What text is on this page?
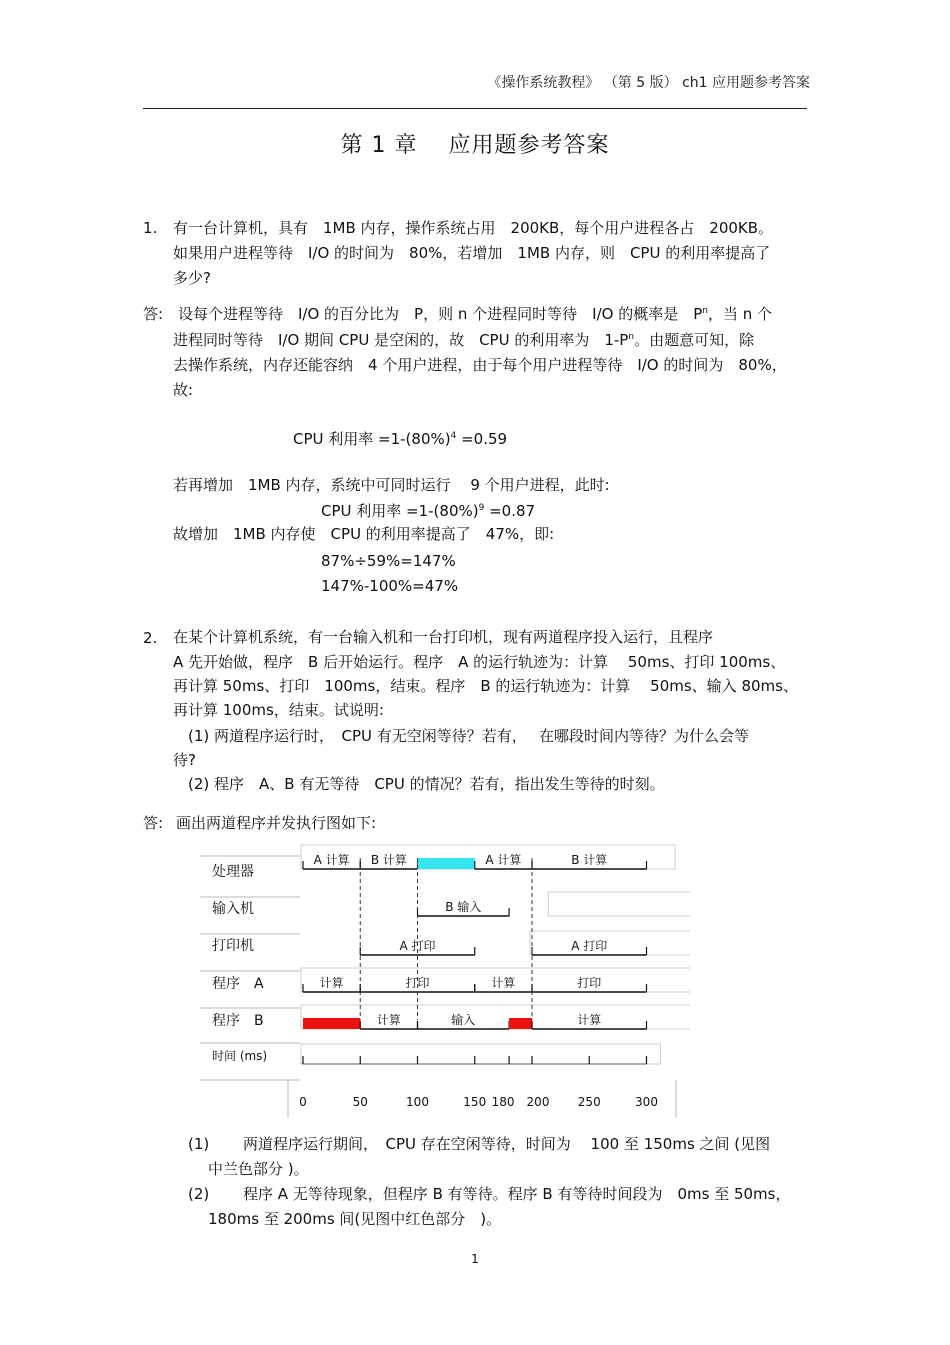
《操作系统教程》 （第 5 版） ch1 应用题参考答案
第 1 章　 应用题参考答案
1. 有一台计算机，具有　1MB 内存，操作系统占用　200KB，每个用户进程各占　200KB。
如果用户进程等待　I/O 的时间为　80%，若增加　1MB 内存，则　CPU 的利用率提高了
多少?
答: 设每个进程等待　I/O 的百分比为　P，则 n 个进程同时等待　I/O 的概率是　$P^n$，当 n 个
进程同时等待　I/O 期间 CPU 是空闲的，故　CPU 的利用率为　$1-P^n$。由题意可知，除
去操作系统，内存还能容纳　4 个用户进程，由于每个用户进程等待　I/O 的时间为　80%，
故:
CPU 利用率 $=1-(80\%)^4 =0.59$
若再增加　1MB 内存，系统中可同时运行　 9 个用户进程，此时:
CPU 利用率 $=1-(80\%)^9 =0.87$
故增加　1MB 内存使　CPU 的利用率提高了　47%，即:
87%÷59%=147%
147%-100%=47%
2. 在某个计算机系统，有一台输入机和一台打印机，现有两道程序投入运行，且程序
A 先开始做，程序　B 后开始运行。程序　A 的运行轨迹为：计算　 50ms、打印 100ms、
再计算 50ms、打印　100ms，结束。程序　B 的运行轨迹为：计算　 50ms、输入 80ms、
再计算 100ms，结束。试说明:
(1) 两道程序运行时，　CPU 有无空闲等待？若有，　 在哪段时间内等待？为什么会等
待?
(2) 程序　A、B 有无等待　CPU 的情况？若有，指出发生等待的时刻。
答: 画出两道程序并发执行图如下:
处理器
输入机
打印机
程序　A
程序　B
时间 (ms)
A 计算 B 计算	A 计算	B 计算
B 输入
A 打印	A 打印
计算	打印	计算	打印
计算	输入	计算
0	50	100	150 180 200 250	300
(1) 两道程序运行期间，　CPU 存在空闲等待，时间为　 100 至 150ms 之间 (见图
中兰色部分 )。
(2) 程序 A 无等待现象，但程序 B 有等待。程序 B 有等待时间段为　0ms 至 50ms，
180ms 至 200ms 间(见图中红色部分　)。
1
